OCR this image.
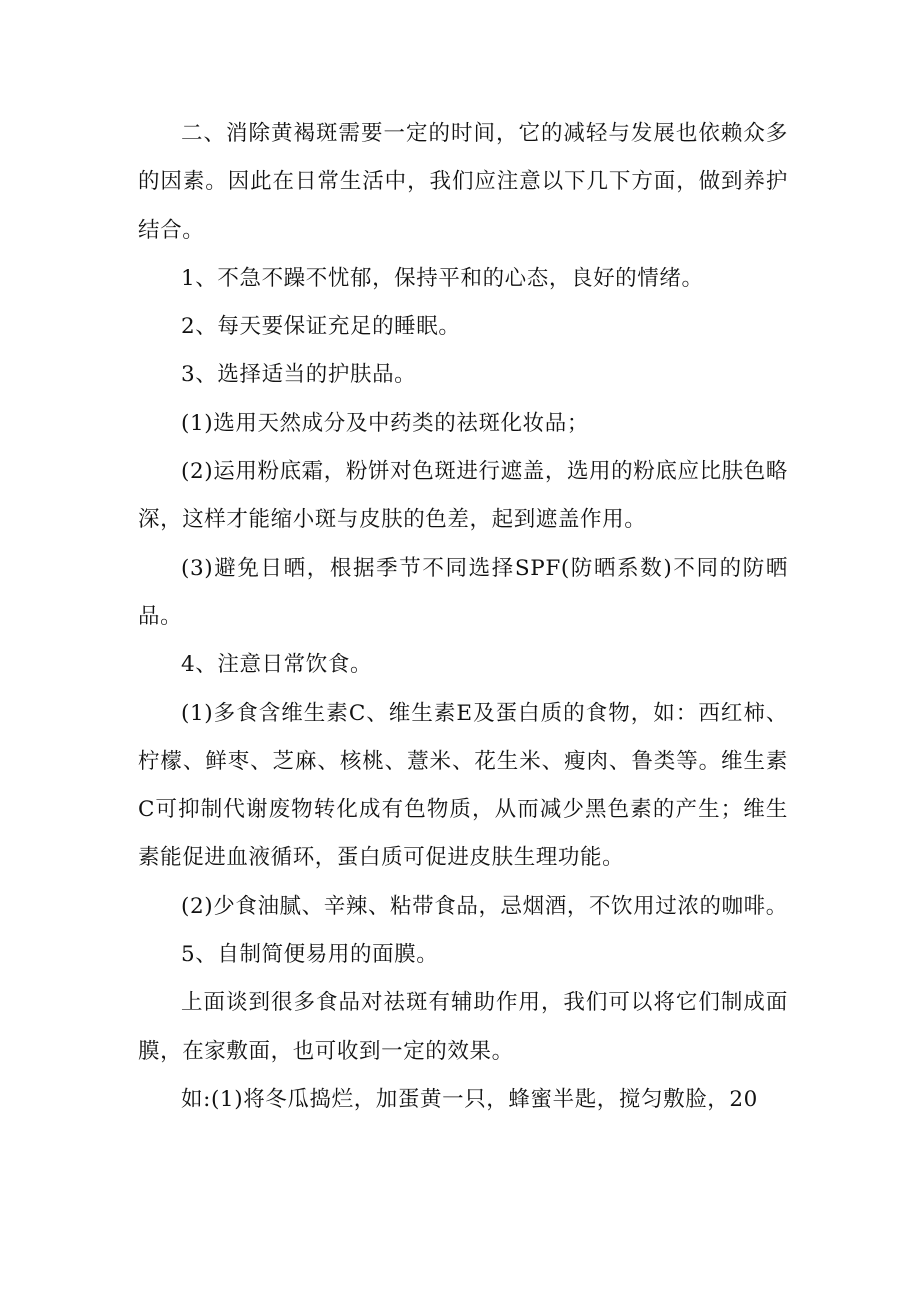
二、消除黄褐斑需要一定的时间，它的减轻与发展也依赖众多的因素。因此在日常生活中，我们应注意以下几下方面，做到养护结合。

1、不急不躁不忧郁，保持平和的心态，良好的情绪。

2、每天要保证充足的睡眠。

3、选择适当的护肤品。

(1)选用天然成分及中药类的祛斑化妆品；

(2)运用粉底霜，粉饼对色斑进行遮盖，选用的粉底应比肤色略深，这样才能缩小斑与皮肤的色差，起到遮盖作用。

(3)避免日晒，根据季节不同选择SPF(防晒系数)不同的防晒品。

4、注意日常饮食。

(1)多食含维生素C、维生素E及蛋白质的食物，如：西红柿、柠檬、鲜枣、芝麻、核桃、薏米、花生米、瘦肉、鲁类等。维生素C可抑制代谢废物转化成有色物质，从而减少黑色素的产生；维生素能促进血液循环，蛋白质可促进皮肤生理功能。

(2)少食油腻、辛辣、粘带食品，忌烟酒，不饮用过浓的咖啡。

5、自制简便易用的面膜。

上面谈到很多食品对祛斑有辅助作用，我们可以将它们制成面膜，在家敷面，也可收到一定的效果。

如:(1)将冬瓜捣烂，加蛋黄一只，蜂蜜半匙，搅匀敷脸，20
